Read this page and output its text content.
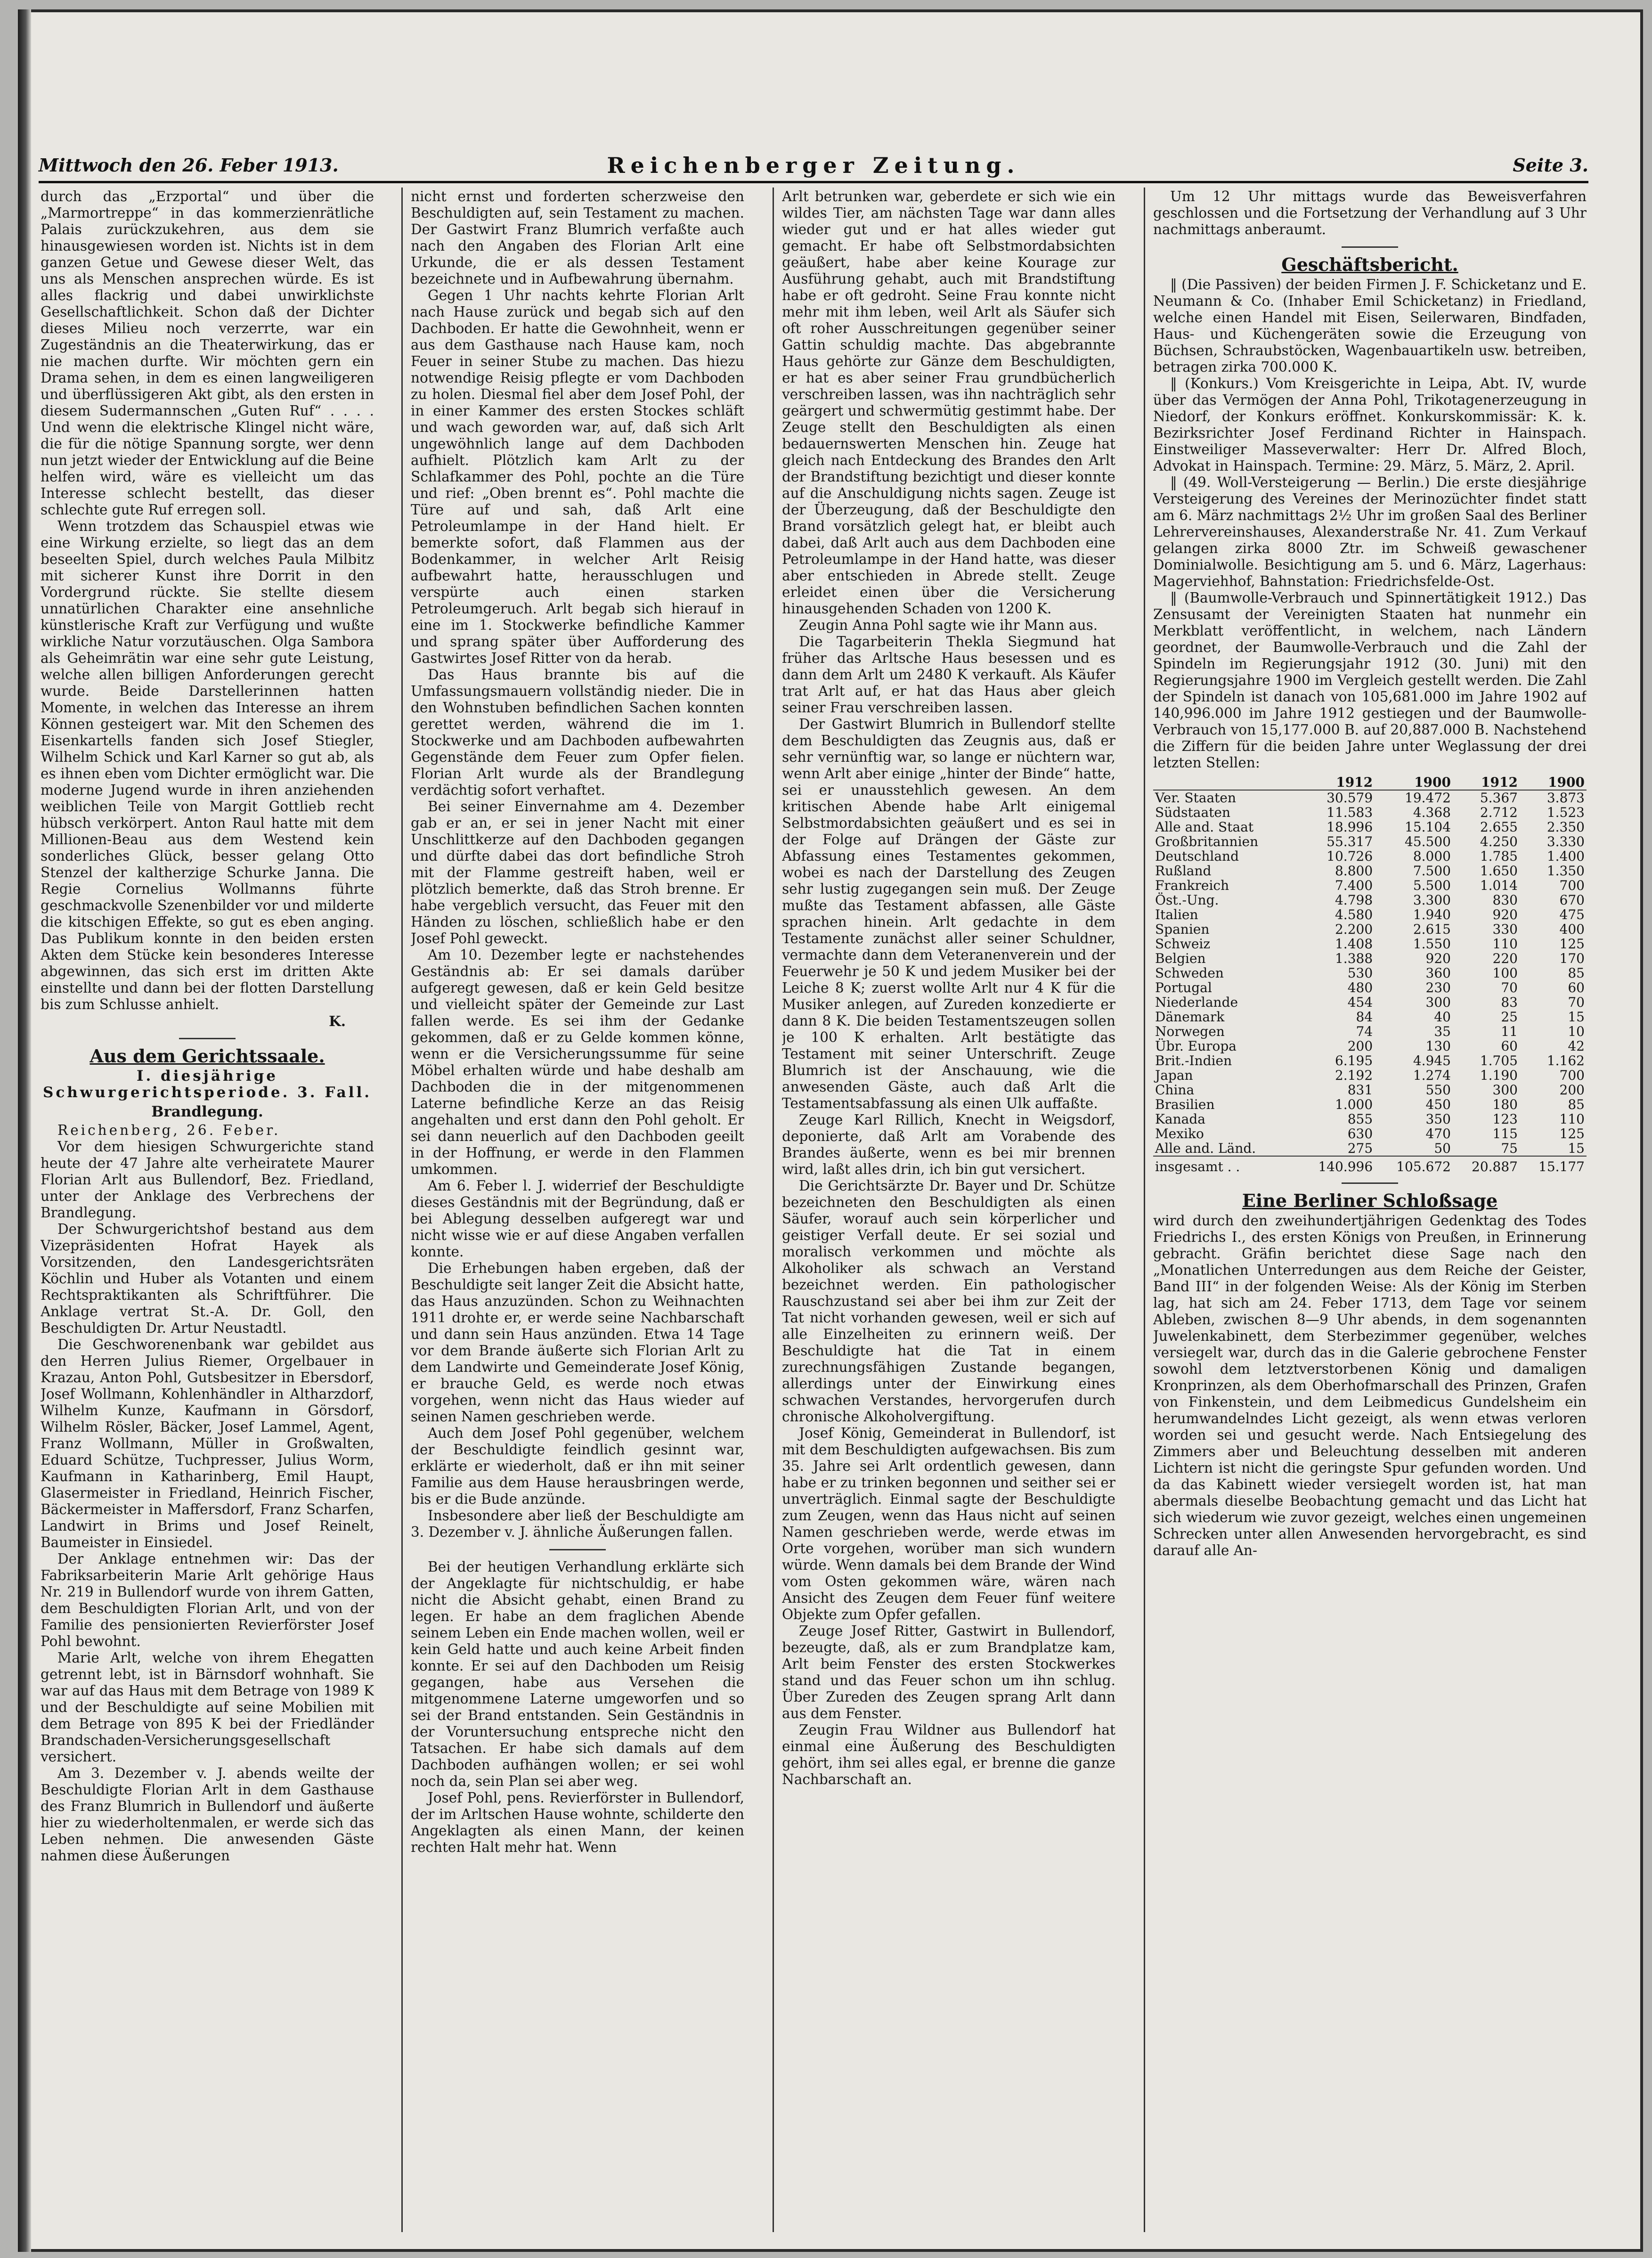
Mittwoch den 26. Feber 1913.	Reichenberger Zeitung.	Seite 3.

durch das „Erzportal“ und über die „Marmortreppe“ in das kommerzienrätliche Palais zurückzukehren, aus dem sie hinausgewiesen worden ist. Nichts ist in dem ganzen Getue und Gewese dieser Welt, das uns als Menschen ansprechen würde. Es ist alles flackrig und dabei unwirklichste Gesellschaftlichkeit. Schon daß der Dichter dieses Milieu noch verzerrte, war ein Zugeständnis an die Theaterwirkung, das er nie machen durfte. Wir möchten gern ein Drama sehen, in dem es einen langweiligeren und überflüssigeren Akt gibt, als den ersten in diesem Sudermannschen „Guten Ruf“ . . . . Und wenn die elektrische Klingel nicht wäre, die für die nötige Spannung sorgte, wer denn nun jetzt wieder der Entwicklung auf die Beine helfen wird, wäre es vielleicht um das Interesse schlecht bestellt, das dieser schlechte gute Ruf erregen soll.

Wenn trotzdem das Schauspiel etwas wie eine Wirkung erzielte, so liegt das an dem beseelten Spiel, durch welches Paula Milbitz mit sicherer Kunst ihre Dorrit in den Vordergrund rückte. Sie stellte diesem unnatürlichen Charakter eine ansehnliche künstlerische Kraft zur Verfügung und wußte wirkliche Natur vorzutäuschen. Olga Sambora als Geheimrätin war eine sehr gute Leistung, welche allen billigen Anforderungen gerecht wurde. Beide Darstellerinnen hatten Momente, in welchen das Interesse an ihrem Können gesteigert war. Mit den Schemen des Eisenkartells fanden sich Josef Stiegler, Wilhelm Schick und Karl Karner so gut ab, als es ihnen eben vom Dichter ermöglicht war. Die moderne Jugend wurde in ihren anziehenden weiblichen Teile von Margit Gottlieb recht hübsch verkörpert. Anton Raul hatte mit dem Millionen-Beau aus dem Westend kein sonderliches Glück, besser gelang Otto Stenzel der kaltherzige Schurke Janna. Die Regie Cornelius Wollmanns führte geschmackvolle Szenenbilder vor und milderte die kitschigen Effekte, so gut es eben anging. Das Publikum konnte in den beiden ersten Akten dem Stücke kein besonderes Interesse abgewinnen, das sich erst im dritten Akte einstellte und dann bei der flotten Darstellung bis zum Schlusse anhielt.

K.
Aus dem Gerichtssaale.
I. diesjährige Schwurgerichtsperiode. 3. Fall.
Brandlegung.

Reichenberg, 26. Feber.

Vor dem hiesigen Schwurgerichte stand heute der 47 Jahre alte verheiratete Maurer Florian Arlt aus Bullendorf, Bez. Friedland, unter der Anklage des Verbrechens der Brandlegung.

Der Schwurgerichtshof bestand aus dem Vizepräsidenten Hofrat Hayek als Vorsitzenden, den Landesgerichtsräten Köchlin und Huber als Votanten und einem Rechtspraktikanten als Schriftführer. Die Anklage vertrat St.-A. Dr. Goll, den Beschuldigten Dr. Artur Neustadtl.

Die Geschworenenbank war gebildet aus den Herren Julius Riemer, Orgelbauer in Krazau, Anton Pohl, Gutsbesitzer in Ebersdorf, Josef Wollmann, Kohlenhändler in Altharzdorf, Wilhelm Kunze, Kaufmann in Görsdorf, Wilhelm Rösler, Bäcker, Josef Lammel, Agent, Franz Wollmann, Müller in Großwalten, Eduard Schütze, Tuchpresser, Julius Worm, Kaufmann in Katharinberg, Emil Haupt, Glasermeister in Friedland, Heinrich Fischer, Bäckermeister in Maffersdorf, Franz Scharfen, Landwirt in Brims und Josef Reinelt, Baumeister in Einsiedel.

Der Anklage entnehmen wir: Das der Fabriksarbeiterin Marie Arlt gehörige Haus Nr. 219 in Bullendorf wurde von ihrem Gatten, dem Beschuldigten Florian Arlt, und von der Familie des pensionierten Revierförster Josef Pohl bewohnt.

Marie Arlt, welche von ihrem Ehegatten getrennt lebt, ist in Bärnsdorf wohnhaft. Sie war auf das Haus mit dem Betrage von 1989 K und der Beschuldigte auf seine Mobilien mit dem Betrage von 895 K bei der Friedländer Brandschaden-Versicherungsgesellschaft versichert.

Am 3. Dezember v. J. abends weilte der Beschuldigte Florian Arlt in dem Gasthause des Franz Blumrich in Bullendorf und äußerte hier zu wiederholtenmalen, er werde sich das Leben nehmen. Die anwesenden Gäste nahmen diese Äußerungen

nicht ernst und forderten scherzweise den Beschuldigten auf, sein Testament zu machen. Der Gastwirt Franz Blumrich verfaßte auch nach den Angaben des Florian Arlt eine Urkunde, die er als dessen Testament bezeichnete und in Aufbewahrung übernahm.

Gegen 1 Uhr nachts kehrte Florian Arlt nach Hause zurück und begab sich auf den Dachboden. Er hatte die Gewohnheit, wenn er aus dem Gasthause nach Hause kam, noch Feuer in seiner Stube zu machen. Das hiezu notwendige Reisig pflegte er vom Dachboden zu holen. Diesmal fiel aber dem Josef Pohl, der in einer Kammer des ersten Stockes schläft und wach geworden war, auf, daß sich Arlt ungewöhnlich lange auf dem Dachboden aufhielt. Plötzlich kam Arlt zu der Schlafkammer des Pohl, pochte an die Türe und rief: „Oben brennt es“. Pohl machte die Türe auf und sah, daß Arlt eine Petroleumlampe in der Hand hielt. Er bemerkte sofort, daß Flammen aus der Bodenkammer, in welcher Arlt Reisig aufbewahrt hatte, herausschlugen und verspürte auch einen starken Petroleumgeruch. Arlt begab sich hierauf in eine im 1. Stockwerke befindliche Kammer und sprang später über Aufforderung des Gastwirtes Josef Ritter von da herab.

Das Haus brannte bis auf die Umfassungsmauern vollständig nieder. Die in den Wohnstuben befindlichen Sachen konnten gerettet werden, während die im 1. Stockwerke und am Dachboden aufbewahrten Gegenstände dem Feuer zum Opfer fielen. Florian Arlt wurde als der Brandlegung verdächtig sofort verhaftet.

Bei seiner Einvernahme am 4. Dezember gab er an, er sei in jener Nacht mit einer Unschlittkerze auf den Dachboden gegangen und dürfte dabei das dort befindliche Stroh mit der Flamme gestreift haben, weil er plötzlich bemerkte, daß das Stroh brenne. Er habe vergeblich versucht, das Feuer mit den Händen zu löschen, schließlich habe er den Josef Pohl geweckt.

Am 10. Dezember legte er nachstehendes Geständnis ab: Er sei damals darüber aufgeregt gewesen, daß er kein Geld besitze und vielleicht später der Gemeinde zur Last fallen werde. Es sei ihm der Gedanke gekommen, daß er zu Gelde kommen könne, wenn er die Versicherungssumme für seine Möbel erhalten würde und habe deshalb am Dachboden die in der mitgenommenen Laterne befindliche Kerze an das Reisig angehalten und erst dann den Pohl geholt. Er sei dann neuerlich auf den Dachboden geeilt in der Hoffnung, er werde in den Flammen umkommen.

Am 6. Feber l. J. widerrief der Beschuldigte dieses Geständnis mit der Begründung, daß er bei Ablegung desselben aufgeregt war und nicht wisse wie er auf diese Angaben verfallen konnte.

Die Erhebungen haben ergeben, daß der Beschuldigte seit langer Zeit die Absicht hatte, das Haus anzuzünden. Schon zu Weihnachten 1911 drohte er, er werde seine Nachbarschaft und dann sein Haus anzünden. Etwa 14 Tage vor dem Brande äußerte sich Florian Arlt zu dem Landwirte und Gemeinderate Josef König, er brauche Geld, es werde noch etwas vorgehen, wenn nicht das Haus wieder auf seinen Namen geschrieben werde.

Auch dem Josef Pohl gegenüber, welchem der Beschuldigte feindlich gesinnt war, erklärte er wiederholt, daß er ihn mit seiner Familie aus dem Hause herausbringen werde, bis er die Bude anzünde.

Insbesondere aber ließ der Beschuldigte am 3. Dezember v. J. ähnliche Äußerungen fallen.

Bei der heutigen Verhandlung erklärte sich der Angeklagte für nichtschuldig, er habe nicht die Absicht gehabt, einen Brand zu legen. Er habe an dem fraglichen Abende seinem Leben ein Ende machen wollen, weil er kein Geld hatte und auch keine Arbeit finden konnte. Er sei auf den Dachboden um Reisig gegangen, habe aus Versehen die mitgenommene Laterne umgeworfen und so sei der Brand entstanden. Sein Geständnis in der Voruntersuchung entspreche nicht den Tatsachen. Er habe sich damals auf dem Dachboden aufhängen wollen; er sei wohl noch da, sein Plan sei aber weg.

Josef Pohl, pens. Revierförster in Bullendorf, der im Arltschen Hause wohnte, schilderte den Angeklagten als einen Mann, der keinen rechten Halt mehr hat. Wenn

Arlt betrunken war, geberdete er sich wie ein wildes Tier, am nächsten Tage war dann alles wieder gut und er hat alles wieder gut gemacht. Er habe oft Selbstmordabsichten geäußert, habe aber keine Kourage zur Ausführung gehabt, auch mit Brandstiftung habe er oft gedroht. Seine Frau konnte nicht mehr mit ihm leben, weil Arlt als Säufer sich oft roher Ausschreitungen gegenüber seiner Gattin schuldig machte. Das abgebrannte Haus gehörte zur Gänze dem Beschuldigten, er hat es aber seiner Frau grundbücherlich verschreiben lassen, was ihn nachträglich sehr geärgert und schwermütig gestimmt habe. Der Zeuge stellt den Beschuldigten als einen bedauernswerten Menschen hin. Zeuge hat gleich nach Entdeckung des Brandes den Arlt der Brandstiftung bezichtigt und dieser konnte auf die Anschuldigung nichts sagen. Zeuge ist der Überzeugung, daß der Beschuldigte den Brand vorsätzlich gelegt hat, er bleibt auch dabei, daß Arlt auch aus dem Dachboden eine Petroleumlampe in der Hand hatte, was dieser aber entschieden in Abrede stellt. Zeuge erleidet einen über die Versicherung hinausgehenden Schaden von 1200 K.

Zeugin Anna Pohl sagte wie ihr Mann aus.

Die Tagarbeiterin Thekla Siegmund hat früher das Arltsche Haus besessen und es dann dem Arlt um 2480 K verkauft. Als Käufer trat Arlt auf, er hat das Haus aber gleich seiner Frau verschreiben lassen.

Der Gastwirt Blumrich in Bullendorf stellte dem Beschuldigten das Zeugnis aus, daß er sehr vernünftig war, so lange er nüchtern war, wenn Arlt aber einige „hinter der Binde“ hatte, sei er unausstehlich gewesen. An dem kritischen Abende habe Arlt einigemal Selbstmordabsichten geäußert und es sei in der Folge auf Drängen der Gäste zur Abfassung eines Testamentes gekommen, wobei es nach der Darstellung des Zeugen sehr lustig zugegangen sein muß. Der Zeuge mußte das Testament abfassen, alle Gäste sprachen hinein. Arlt gedachte in dem Testamente zunächst aller seiner Schuldner, vermachte dann dem Veteranenverein und der Feuerwehr je 50 K und jedem Musiker bei der Leiche 8 K; zuerst wollte Arlt nur 4 K für die Musiker anlegen, auf Zureden konzedierte er dann 8 K. Die beiden Testamentszeugen sollen je 100 K erhalten. Arlt bestätigte das Testament mit seiner Unterschrift. Zeuge Blumrich ist der Anschauung, wie die anwesenden Gäste, auch daß Arlt die Testamentsabfassung als einen Ulk auffaßte.

Zeuge Karl Rillich, Knecht in Weigsdorf, deponierte, daß Arlt am Vorabende des Brandes äußerte, wenn es bei mir brennen wird, laßt alles drin, ich bin gut versichert.

Die Gerichtsärzte Dr. Bayer und Dr. Schütze bezeichneten den Beschuldigten als einen Säufer, worauf auch sein körperlicher und geistiger Verfall deute. Er sei sozial und moralisch verkommen und möchte als Alkoholiker als schwach an Verstand bezeichnet werden. Ein pathologischer Rauschzustand sei aber bei ihm zur Zeit der Tat nicht vorhanden gewesen, weil er sich auf alle Einzelheiten zu erinnern weiß. Der Beschuldigte hat die Tat in einem zurechnungsfähigen Zustande begangen, allerdings unter der Einwirkung eines schwachen Verstandes, hervorgerufen durch chronische Alkoholvergiftung.

Josef König, Gemeinderat in Bullendorf, ist mit dem Beschuldigten aufgewachsen. Bis zum 35. Jahre sei Arlt ordentlich gewesen, dann habe er zu trinken begonnen und seither sei er unverträglich. Einmal sagte der Beschuldigte zum Zeugen, wenn das Haus nicht auf seinen Namen geschrieben werde, werde etwas im Orte vorgehen, worüber man sich wundern würde. Wenn damals bei dem Brande der Wind vom Osten gekommen wäre, wären nach Ansicht des Zeugen dem Feuer fünf weitere Objekte zum Opfer gefallen.

Zeuge Josef Ritter, Gastwirt in Bullendorf, bezeugte, daß, als er zum Brandplatze kam, Arlt beim Fenster des ersten Stockwerkes stand und das Feuer schon um ihn schlug. Über Zureden des Zeugen sprang Arlt dann aus dem Fenster.

Zeugin Frau Wildner aus Bullendorf hat einmal eine Äußerung des Beschuldigten gehört, ihm sei alles egal, er brenne die ganze Nachbarschaft an.

Um 12 Uhr mittags wurde das Beweisverfahren geschlossen und die Fortsetzung der Verhandlung auf 3 Uhr nachmittags anberaumt.

Geschäftsbericht.

‖ (Die Passiven) der beiden Firmen J. F. Schicketanz und E. Neumann & Co. (Inhaber Emil Schicketanz) in Friedland, welche einen Handel mit Eisen, Seilerwaren, Bindfaden, Haus- und Küchengeräten sowie die Erzeugung von Büchsen, Schraubstöcken, Wagenbauartikeln usw. betreiben, betragen zirka 700.000 K.

‖ (Konkurs.) Vom Kreisgerichte in Leipa, Abt. IV, wurde über das Vermögen der Anna Pohl, Trikotagenerzeugung in Niedorf, der Konkurs eröffnet. Konkurskommissär: K. k. Bezirksrichter Josef Ferdinand Richter in Hainspach. Einstweiliger Masseverwalter: Herr Dr. Alfred Bloch, Advokat in Hainspach. Termine: 29. März, 5. März, 2. April.

‖ (49. Woll-Versteigerung — Berlin.) Die erste diesjährige Versteigerung des Vereines der Merinozüchter findet statt am 6. März nachmittags 2½ Uhr im großen Saal des Berliner Lehrervereinshauses, Alexanderstraße Nr. 41. Zum Verkauf gelangen zirka 8000 Ztr. im Schweiß gewaschener Dominialwolle. Besichtigung am 5. und 6. März, Lagerhaus: Magerviehhof, Bahnstation: Friedrichsfelde-Ost.

‖ (Baumwolle-Verbrauch und Spinnertätigkeit 1912.) Das Zensusamt der Vereinigten Staaten hat nunmehr ein Merkblatt veröffentlicht, in welchem, nach Ländern geordnet, der Baumwolle-Verbrauch und die Zahl der Spindeln im Regierungsjahr 1912 (30. Juni) mit den Regierungsjahre 1900 im Vergleich gestellt werden. Die Zahl der Spindeln ist danach von 105,681.000 im Jahre 1902 auf 140,996.000 im Jahre 1912 gestiegen und der Baumwolle-Verbrauch von 15,177.000 B. auf 20,887.000 B. Nachstehend die Ziffern für die beiden Jahre unter Weglassung der drei letzten Stellen:

	1912	1900	1912	1900
Ver. Staaten	30.579	19.472	5.367	3.873
Südstaaten	11.583	4.368	2.712	1.523
Alle and. Staat	18.996	15.104	2.655	2.350
Großbritannien	55.317	45.500	4.250	3.330
Deutschland	10.726	8.000	1.785	1.400
Rußland	8.800	7.500	1.650	1.350
Frankreich	7.400	5.500	1.014	700
Öst.-Ung.	4.798	3.300	830	670
Italien	4.580	1.940	920	475
Spanien	2.200	2.615	330	400
Schweiz	1.408	1.550	110	125
Belgien	1.388	920	220	170
Schweden	530	360	100	85
Portugal	480	230	70	60
Niederlande	454	300	83	70
Dänemark	84	40	25	15
Norwegen	74	35	11	10
Übr. Europa	200	130	60	42
Brit.-Indien	6.195	4.945	1.705	1.162
Japan	2.192	1.274	1.190	700
China	831	550	300	200
Brasilien	1.000	450	180	85
Kanada	855	350	123	110
Mexiko	630	470	115	125
Alle and. Länd.	275	50	75	15
insgesamt . .	140.996	105.672	20.887	15.177
Eine Berliner Schloßsage

wird durch den zweihundertjährigen Gedenktag des Todes Friedrichs I., des ersten Königs von Preußen, in Erinnerung gebracht. Gräfin berichtet diese Sage nach den „Monatlichen Unterredungen aus dem Reiche der Geister, Band III“ in der folgenden Weise: Als der König im Sterben lag, hat sich am 24. Feber 1713, dem Tage vor seinem Ableben, zwischen 8—9 Uhr abends, in dem sogenannten Juwelenkabinett, dem Sterbezimmer gegenüber, welches versiegelt war, durch das in die Galerie gebrochene Fenster sowohl dem letztverstorbenen König und damaligen Kronprinzen, als dem Oberhofmarschall des Prinzen, Grafen von Finkenstein, und dem Leibmedicus Gundelsheim ein herumwandelndes Licht gezeigt, als wenn etwas verloren worden sei und gesucht werde. Nach Entsiegelung des Zimmers aber und Beleuchtung desselben mit anderen Lichtern ist nicht die geringste Spur gefunden worden. Und da das Kabinett wieder versiegelt worden ist, hat man abermals dieselbe Beobachtung gemacht und das Licht hat sich wiederum wie zuvor gezeigt, welches einen ungemeinen Schrecken unter allen Anwesenden hervorgebracht, es sind darauf alle An-
